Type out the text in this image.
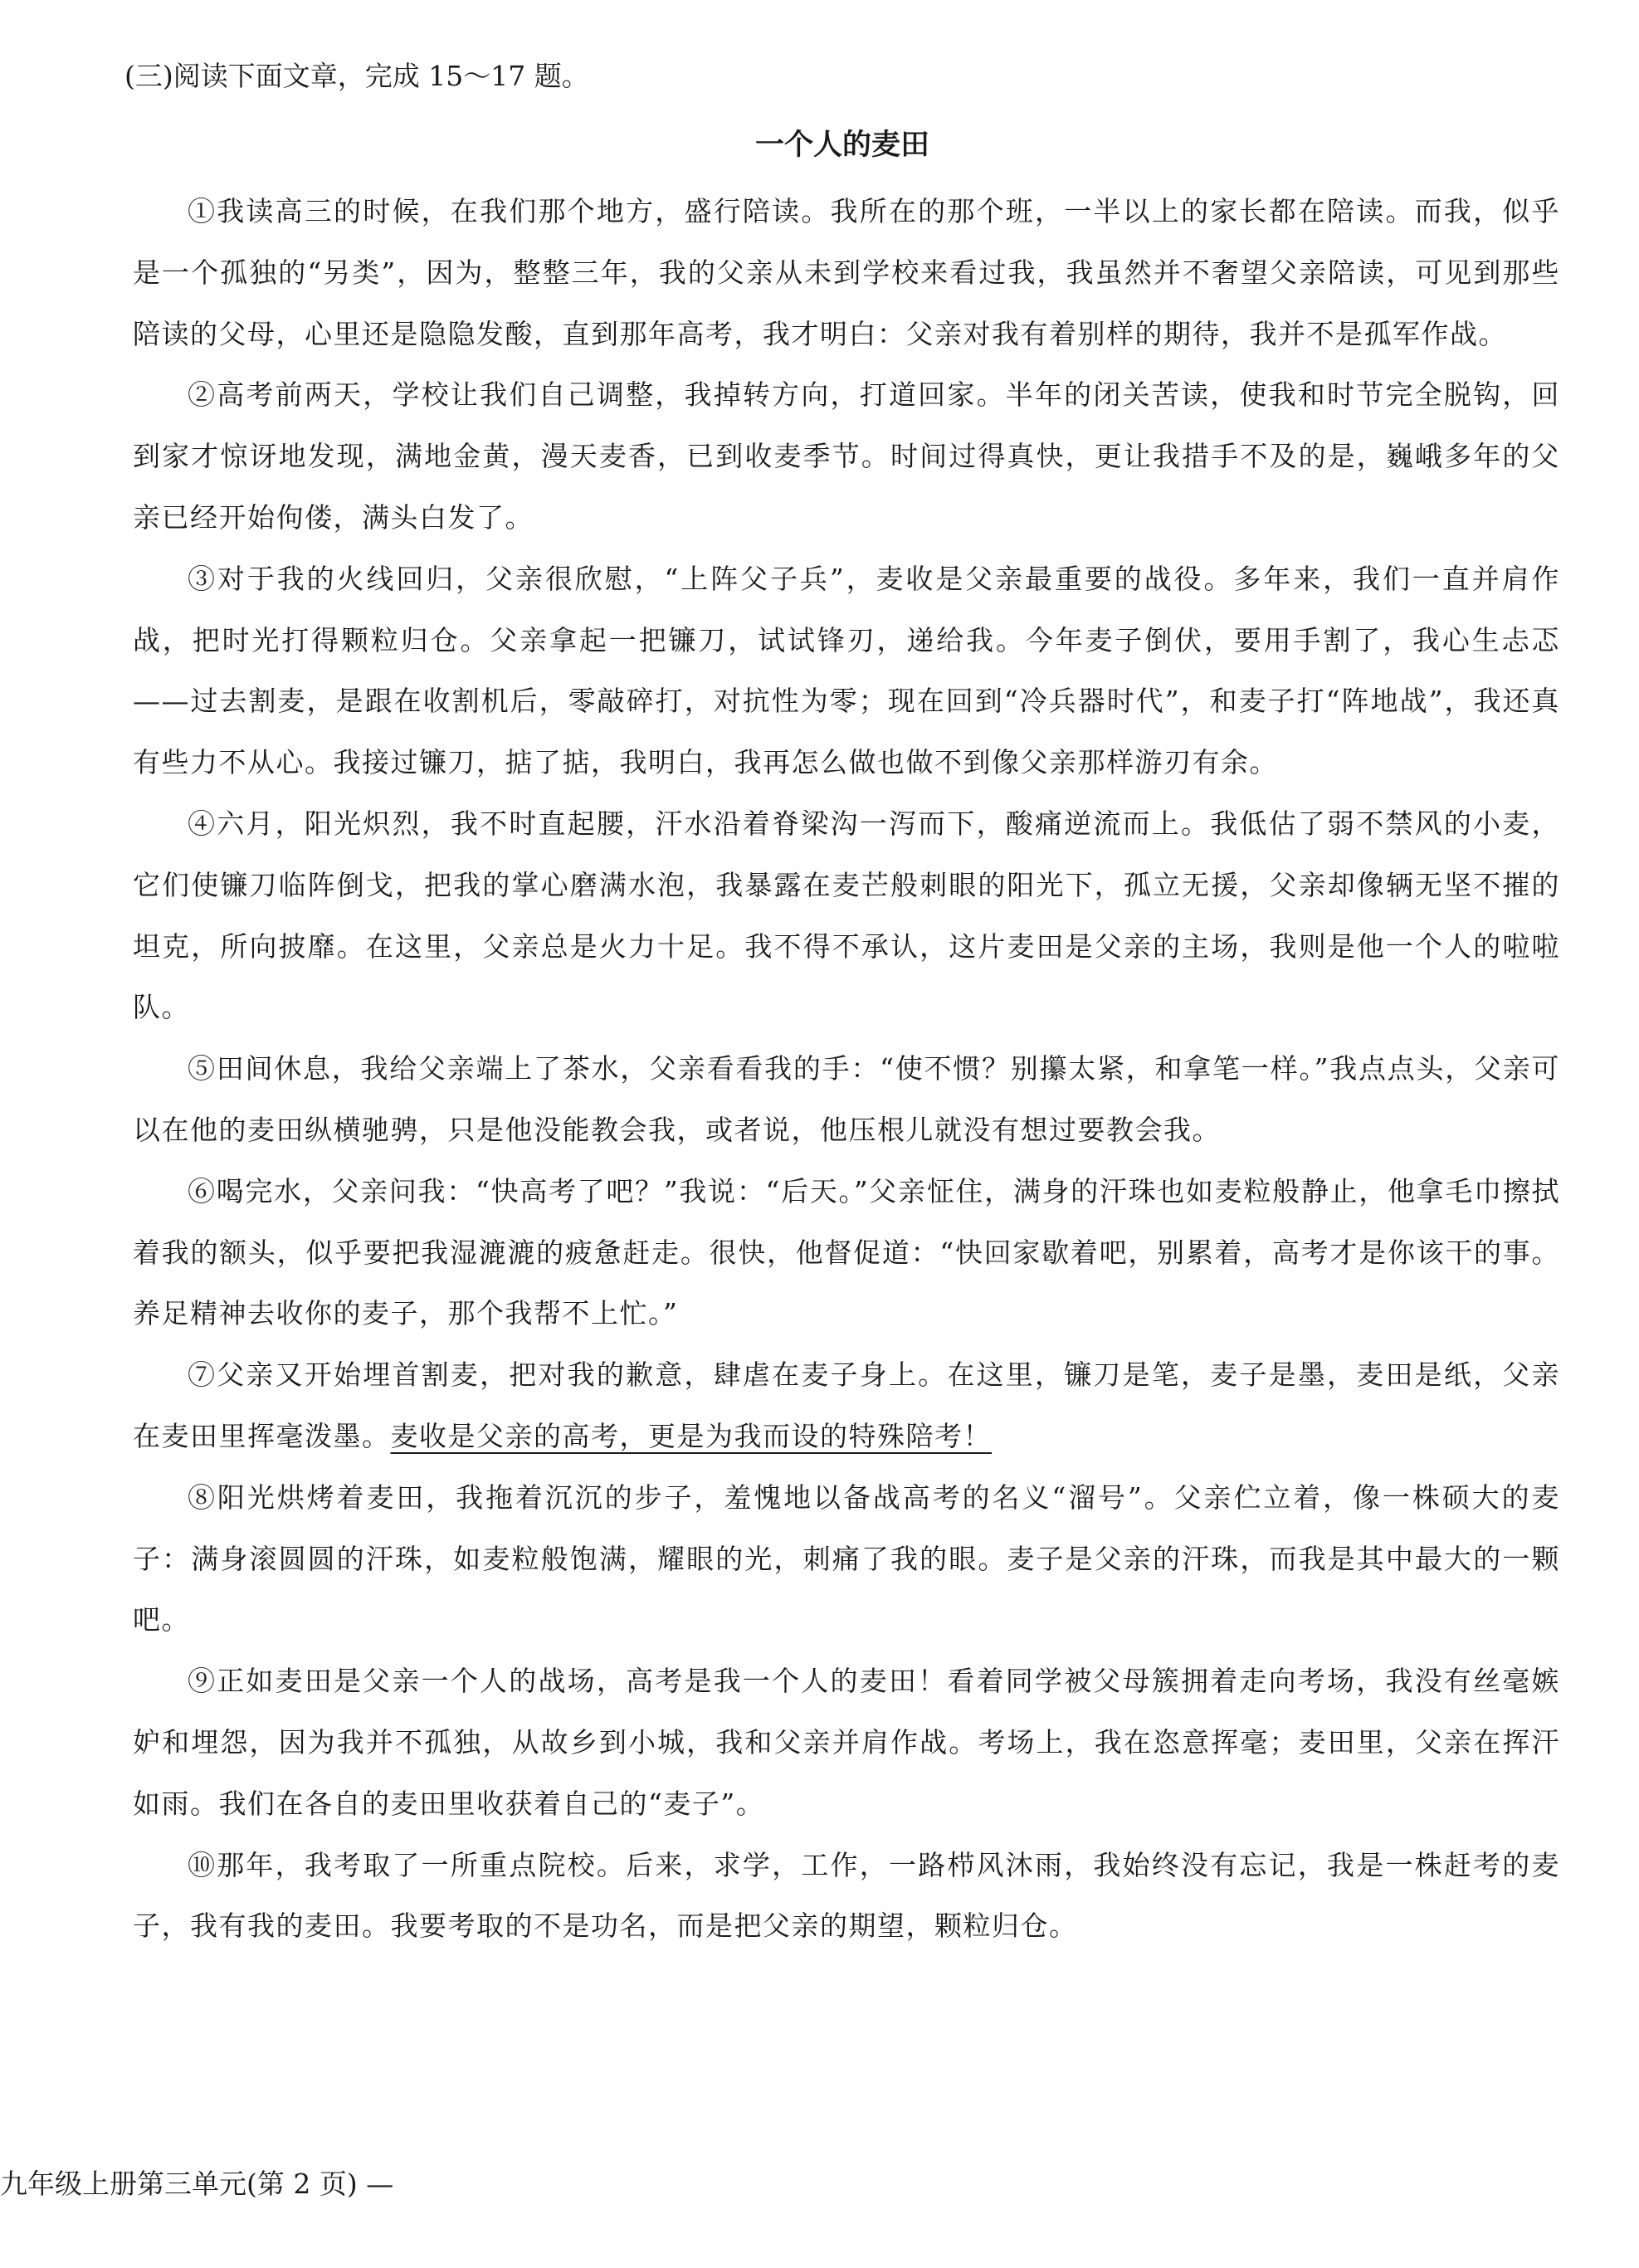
(三)阅读下面文章，完成 15～17 题。
一个人的麦田

①我读高三的时候，在我们那个地方，盛行陪读。我所在的那个班，一半以上的家长都在陪读。而我，似乎是一个孤独的“另类”，因为，整整三年，我的父亲从未到学校来看过我，我虽然并不奢望父亲陪读，可见到那些陪读的父母，心里还是隐隐发酸，直到那年高考，我才明白：父亲对我有着别样的期待，我并不是孤军作战。

②高考前两天，学校让我们自己调整，我掉转方向，打道回家。半年的闭关苦读，使我和时节完全脱钩，回到家才惊讶地发现，满地金黄，漫天麦香，已到收麦季节。时间过得真快，更让我措手不及的是，巍峨多年的父亲已经开始佝偻，满头白发了。

③对于我的火线回归，父亲很欣慰，“上阵父子兵”，麦收是父亲最重要的战役。多年来，我们一直并肩作战，把时光打得颗粒归仓。父亲拿起一把镰刀，试试锋刃，递给我。今年麦子倒伏，要用手割了，我心生忐忑——过去割麦，是跟在收割机后，零敲碎打，对抗性为零；现在回到“冷兵器时代”，和麦子打“阵地战”，我还真有些力不从心。我接过镰刀，掂了掂，我明白，我再怎么做也做不到像父亲那样游刃有余。

④六月，阳光炽烈，我不时直起腰，汗水沿着脊梁沟一泻而下，酸痛逆流而上。我低估了弱不禁风的小麦，它们使镰刀临阵倒戈，把我的掌心磨满水泡，我暴露在麦芒般刺眼的阳光下，孤立无援，父亲却像辆无坚不摧的坦克，所向披靡。在这里，父亲总是火力十足。我不得不承认，这片麦田是父亲的主场，我则是他一个人的啦啦队。

⑤田间休息，我给父亲端上了茶水，父亲看看我的手：“使不惯？别攥太紧，和拿笔一样。”我点点头，父亲可以在他的麦田纵横驰骋，只是他没能教会我，或者说，他压根儿就没有想过要教会我。

⑥喝完水，父亲问我：“快高考了吧？”我说：“后天。”父亲怔住，满身的汗珠也如麦粒般静止，他拿毛巾擦拭着我的额头，似乎要把我湿漉漉的疲惫赶走。很快，他督促道：“快回家歇着吧，别累着，高考才是你该干的事。养足精神去收你的麦子，那个我帮不上忙。”

⑦父亲又开始埋首割麦，把对我的歉意，肆虐在麦子身上。在这里，镰刀是笔，麦子是墨，麦田是纸，父亲在麦田里挥毫泼墨。麦收是父亲的高考，更是为我而设的特殊陪考！

⑧阳光烘烤着麦田，我拖着沉沉的步子，羞愧地以备战高考的名义“溜号”。父亲伫立着，像一株硕大的麦子：满身滚圆圆的汗珠，如麦粒般饱满，耀眼的光，刺痛了我的眼。麦子是父亲的汗珠，而我是其中最大的一颗吧。

⑨正如麦田是父亲一个人的战场，高考是我一个人的麦田！看着同学被父母簇拥着走向考场，我没有丝毫嫉妒和埋怨，因为我并不孤独，从故乡到小城，我和父亲并肩作战。考场上，我在恣意挥毫；麦田里，父亲在挥汗如雨。我们在各自的麦田里收获着自己的“麦子”。

⑩那年，我考取了一所重点院校。后来，求学，工作，一路栉风沐雨，我始终没有忘记，我是一株赶考的麦子，我有我的麦田。我要考取的不是功名，而是把父亲的期望，颗粒归仓。

九年级上册第三单元(第 2 页) —
